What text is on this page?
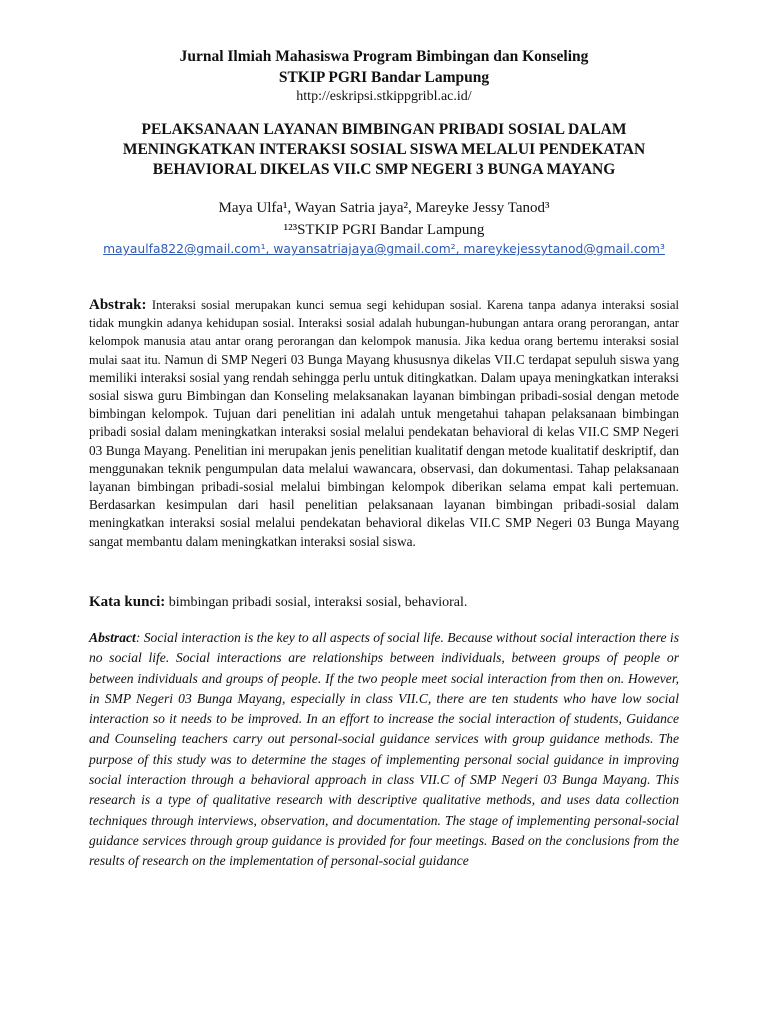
Jurnal Ilmiah Mahasiswa Program Bimbingan dan Konseling
STKIP PGRI Bandar Lampung
http://eskripsi.stkippgribl.ac.id/
PELAKSANAAN LAYANAN BIMBINGAN PRIBADI SOSIAL DALAM MENINGKATKAN INTERAKSI SOSIAL SISWA MELALUI PENDEKATAN BEHAVIORAL DIKELAS VII.C SMP NEGERI 3 BUNGA MAYANG
Maya Ulfa¹, Wayan Satria jaya², Mareyke Jessy Tanod³
¹²³STKIP PGRI Bandar Lampung
mayaulfa822@gmail.com¹, wayansatriajaya@gmail.com², mareykejessytanod@gmail.com³
Abstrak: Interaksi sosial merupakan kunci semua segi kehidupan sosial. Karena tanpa adanya interaksi sosial tidak mungkin adanya kehidupan sosial. Interaksi sosial adalah hubungan-hubungan antara orang perorangan, antar kelompok manusia atau antar orang perorangan dan kelompok manusia. Jika kedua orang bertemu interaksi sosial mulai saat itu. Namun di SMP Negeri 03 Bunga Mayang khususnya dikelas VII.C terdapat sepuluh siswa yang memiliki interaksi sosial yang rendah sehingga perlu untuk ditingkatkan. Dalam upaya meningkatkan interaksi sosial siswa guru Bimbingan dan Konseling melaksanakan layanan bimbingan pribadi-sosial dengan metode bimbingan kelompok. Tujuan dari penelitian ini adalah untuk mengetahui tahapan pelaksanaan bimbingan pribadi sosial dalam meningkatkan interaksi sosial melalui pendekatan behavioral di kelas VII.C SMP Negeri 03 Bunga Mayang. Penelitian ini merupakan jenis penelitian kualitatif dengan metode kualitatif deskriptif, dan menggunakan teknik pengumpulan data melalui wawancara, observasi, dan dokumentasi. Tahap pelaksanaan layanan bimbingan pribadi-sosial melalui bimbingan kelompok diberikan selama empat kali pertemuan. Berdasarkan kesimpulan dari hasil penelitian pelaksanaan layanan bimbingan pribadi-sosial dalam meningkatkan interaksi sosial melalui pendekatan behavioral dikelas VII.C SMP Negeri 03 Bunga Mayang sangat membantu dalam meningkatkan interaksi sosial siswa.
Kata kunci: bimbingan pribadi sosial, interaksi sosial, behavioral.
Abstract: Social interaction is the key to all aspects of social life. Because without social interaction there is no social life. Social interactions are relationships between individuals, between groups of people or between individuals and groups of people. If the two people meet social interaction from then on. However, in SMP Negeri 03 Bunga Mayang, especially in class VII.C, there are ten students who have low social interaction so it needs to be improved. In an effort to increase the social interaction of students, Guidance and Counseling teachers carry out personal-social guidance services with group guidance methods. The purpose of this study was to determine the stages of implementing personal social guidance in improving social interaction through a behavioral approach in class VII.C of SMP Negeri 03 Bunga Mayang. This research is a type of qualitative research with descriptive qualitative methods, and uses data collection techniques through interviews, observation, and documentation. The stage of implementing personal-social guidance services through group guidance is provided for four meetings. Based on the conclusions from the results of research on the implementation of personal-social guidance
